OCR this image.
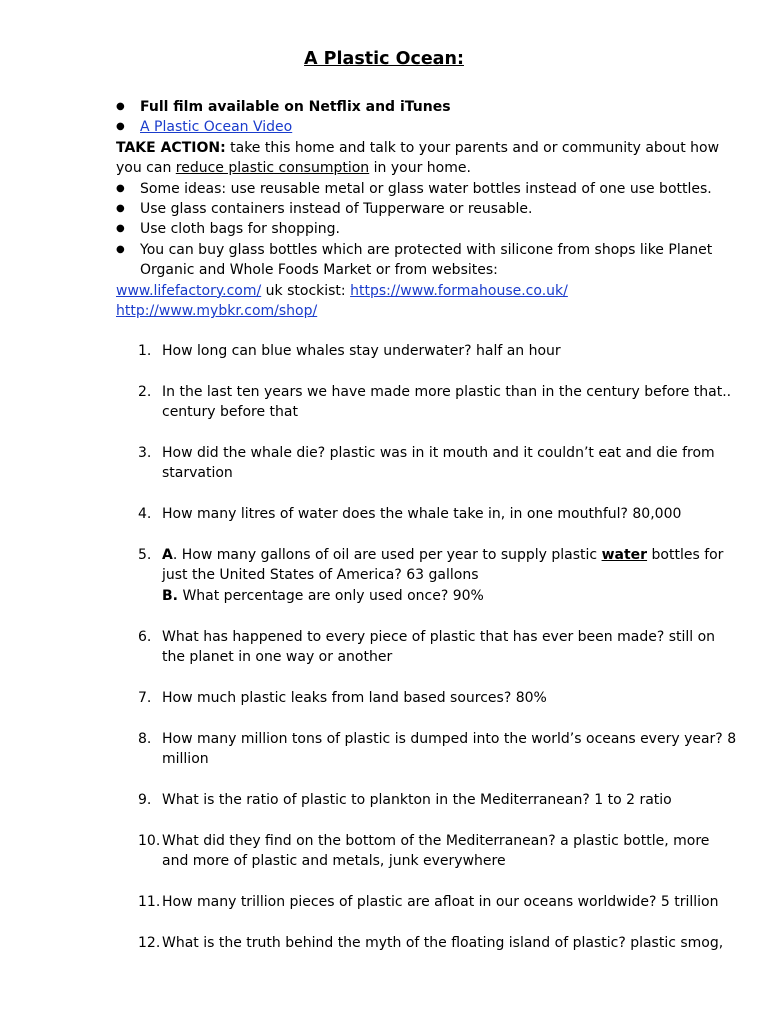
A Plastic Ocean:
● Full film available on Netflix and iTunes
● A Plastic Ocean Video
TAKE ACTION: take this home and talk to your parents and or community about how you can reduce plastic consumption in your home.
● Some ideas: use reusable metal or glass water bottles instead of one use bottles.
● Use glass containers instead of Tupperware or reusable.
● Use cloth bags for shopping.
● You can buy glass bottles which are protected with silicone from shops like Planet Organic and Whole Foods Market or from websites:
www.lifefactory.com/ uk stockist: https://www.formahouse.co.uk/
http://www.mybkr.com/shop/
1. How long can blue whales stay underwater? half an hour
2. In the last ten years we have made more plastic than in the century before that.. century before that
3. How did the whale die? plastic was in it mouth and it couldn’t eat and die from starvation
4. How many litres of water does the whale take in, in one mouthful? 80,000
5. A. How many gallons of oil are used per year to supply plastic water bottles for just the United States of America? 63 gallons
B. What percentage are only used once? 90%
6. What has happened to every piece of plastic that has ever been made? still on the planet in one way or another
7. How much plastic leaks from land based sources? 80%
8. How many million tons of plastic is dumped into the world’s oceans every year? 8 million
9. What is the ratio of plastic to plankton in the Mediterranean? 1 to 2 ratio
10. What did they find on the bottom of the Mediterranean? a plastic bottle, more and more of plastic and metals, junk everywhere
11. How many trillion pieces of plastic are afloat in our oceans worldwide? 5 trillion
12. What is the truth behind the myth of the floating island of plastic? plastic smog,
